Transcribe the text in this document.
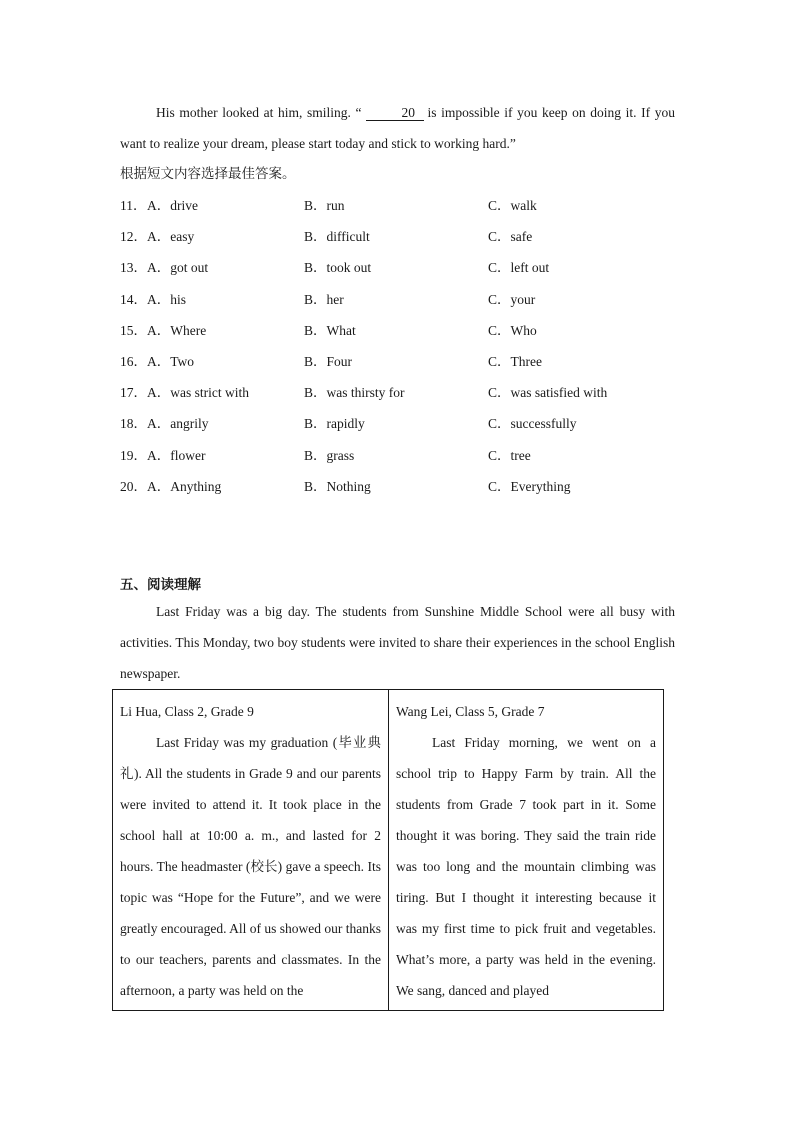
His mother looked at him, smiling. “	20 is impossible if you keep on doing it. If you want to realize your dream, please start today and stick to working hard.”
根据短文内容选择最佳答案。
11． A．drive	B．run	C．walk
12． A．easy	B．difficult	C．safe
13． A．got out	B．took out	C．left out
14． A．his	B．her	C．your
15． A．Where	B．What	C．Who
16． A．Two	B．Four	C．Three
17． A．was strict with	B．was thirsty for	C．was satisfied with
18． A．angrily	B．rapidly	C．successfully
19． A．flower	B．grass	C．tree
20． A．Anything	B．Nothing	C．Everything
五、阅读理解
Last Friday was a big day. The students from Sunshine Middle School were all busy with activities. This Monday, two boy students were invited to share their experiences in the school English newspaper.
Li Hua, Class 2, Grade 9
Last Friday was my graduation (毕业典礼). All the students in Grade 9 and our parents were invited to attend it. It took place in the school hall at 10:00 a. m., and lasted for 2 hours. The headmaster (校长) gave a speech. Its topic was “Hope for the Future”, and we were greatly encouraged. All of us showed our thanks to our teachers, parents and classmates. In the afternoon, a party was held on the
Wang Lei, Class 5, Grade 7
Last Friday morning, we went on a school trip to Happy Farm by train. All the students from Grade 7 took part in it. Some thought it was boring. They said the train ride was too long and the mountain climbing was tiring. But I thought it interesting because it was my first time to pick fruit and vegetables. What’s more, a party was held in the evening. We sang, danced and played
